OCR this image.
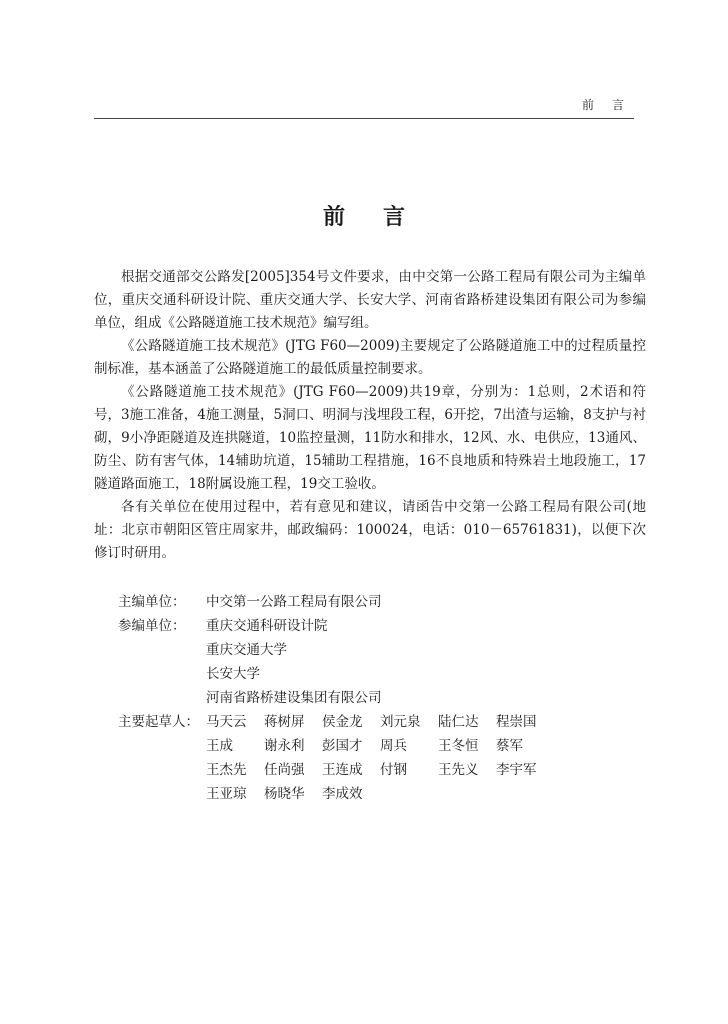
前言
前言

根据交通部交公路发[2005]354号文件要求，由中交第一公路工程局有限公司为主编单位，重庆交通科研设计院、重庆交通大学、长安大学、河南省路桥建设集团有限公司为参编单位，组成《公路隧道施工技术规范》编写组。

《公路隧道施工技术规范》(JTG F60—2009)主要规定了公路隧道施工中的过程质量控制标准，基本涵盖了公路隧道施工的最低质量控制要求。

《公路隧道施工技术规范》(JTG F60—2009)共19章，分别为：1总则，2术语和符号，3施工准备，4施工测量，5洞口、明洞与浅埋段工程，6开挖，7出渣与运输，8支护与衬砌，9小净距隧道及连拱隧道，10监控量测，11防水和排水，12风、水、电供应，13通风、防尘、防有害气体，14辅助坑道，15辅助工程措施，16不良地质和特殊岩土地段施工，17隧道路面施工，18附属设施工程，19交工验收。

各有关单位在使用过程中，若有意见和建议，请函告中交第一公路工程局有限公司(地址：北京市朝阳区管庄周家井，邮政编码：100024，电话：010－65761831)，以便下次修订时研用。

主编单位：	中交第一公路工程局有限公司
参编单位：	重庆交通科研设计院
重庆交通大学
长安大学
河南省路桥建设集团有限公司
主要起草人： 马天云	蒋树屏	侯金龙	刘元泉	陆仁达	程崇国
王成	谢永利	彭国才	周兵	王冬恒	蔡军
王杰先	任尚强	王连成	付钢	王先义	李宇军
王亚琼	杨晓华	李成效
